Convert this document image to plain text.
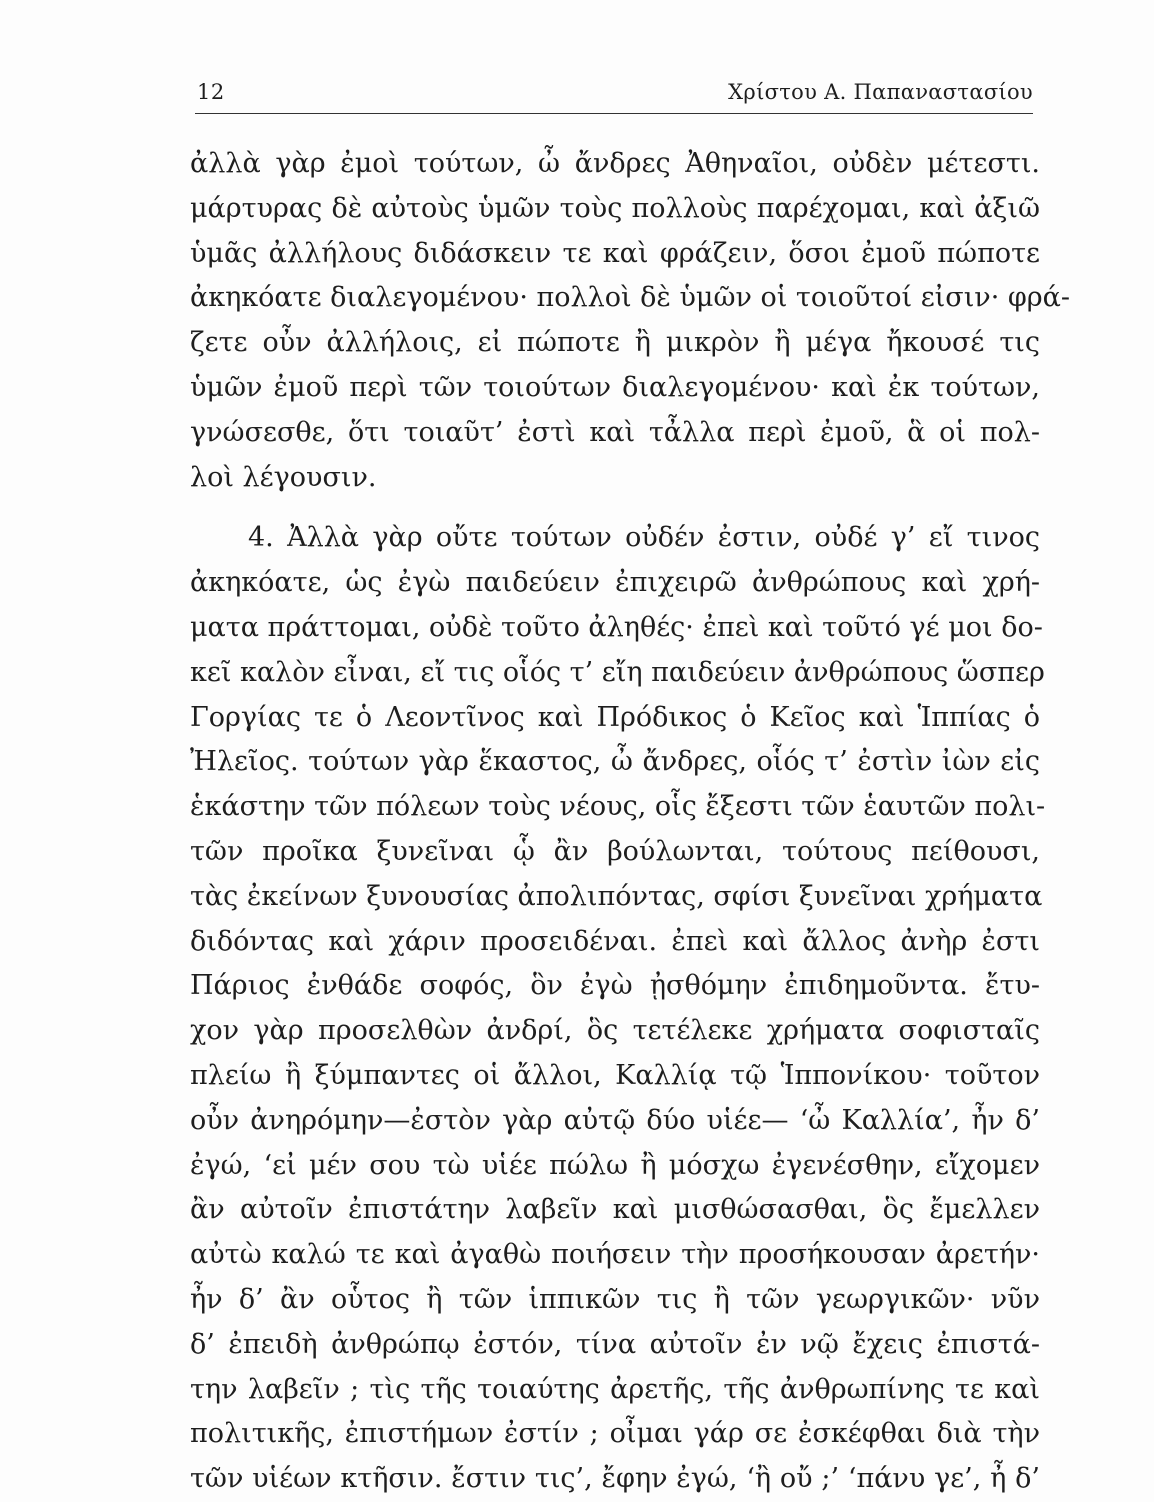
12	Χρίστου Α. Παπαναστασίου
ἀλλὰ γὰρ ἐμοὶ τούτων, ὦ ἄνδρες Ἀθηναῖοι, οὐδὲν μέτεστι.
μάρτυρας δὲ αὐτοὺς ὑμῶν τοὺς πολλοὺς παρέχομαι, καὶ ἀξιῶ
ὑμᾶς ἀλλήλους διδάσκειν τε καὶ φράζειν, ὅσοι ἐμοῦ πώποτε
ἀκηκόατε διαλεγομένου· πολλοὶ δὲ ὑμῶν οἱ τοιοῦτοί εἰσιν· φρά-
ζετε οὖν ἀλλήλοις, εἰ πώποτε ἢ μικρὸν ἢ μέγα ἤκουσέ τις
ὑμῶν ἐμοῦ περὶ τῶν τοιούτων διαλεγομένου· καὶ ἐκ τούτων,
γνώσεσθε, ὅτι τοιαῦτ’ ἐστὶ καὶ τἆλλα περὶ ἐμοῦ, ἃ οἱ πολ-
λοὶ λέγουσιν.
4. Ἀλλὰ γὰρ οὔτε τούτων οὐδέν ἐστιν, οὐδέ γ’ εἴ τινος
ἀκηκόατε, ὡς ἐγὼ παιδεύειν ἐπιχειρῶ ἀνθρώπους καὶ χρή-
ματα πράττομαι, οὐδὲ τοῦτο ἀληθές· ἐπεὶ καὶ τοῦτό γέ μοι δο-
κεῖ καλὸν εἶναι, εἴ τις οἷός τ’ εἴη παιδεύειν ἀνθρώπους ὥσπερ
Γοργίας τε ὁ Λεοντῖνος καὶ Πρόδικος ὁ Κεῖος καὶ Ἱππίας ὁ
Ἠλεῖος. τούτων γὰρ ἕκαστος, ὦ ἄνδρες, οἷός τ’ ἐστὶν ἰὼν εἰς
ἑκάστην τῶν πόλεων τοὺς νέους, οἷς ἔξεστι τῶν ἑαυτῶν πολι-
τῶν προῖκα ξυνεῖναι ᾧ ἂν βούλωνται, τούτους πείθουσι,
τὰς ἐκείνων ξυνουσίας ἀπολιπόντας, σφίσι ξυνεῖναι χρήματα
διδόντας καὶ χάριν προσειδέναι. ἐπεὶ καὶ ἄλλος ἀνὴρ ἐστι
Πάριος ἐνθάδε σοφός, ὃν ἐγὼ ᾐσθόμην ἐπιδημοῦντα. ἔτυ-
χον γὰρ προσελθὼν ἀνδρί, ὃς τετέλεκε χρήματα σοφισταῖς
πλείω ἢ ξύμπαντες οἱ ἄλλοι, Καλλίᾳ τῷ Ἱππονίκου· τοῦτον
οὖν ἀνηρόμην—ἐστὸν γὰρ αὐτῷ δύο υἱέε— ‘ὦ Καλλία’, ἦν δ’
ἐγώ, ‘εἰ μέν σου τὼ υἱέε πώλω ἢ μόσχω ἐγενέσθην, εἴχομεν
ἂν αὐτοῖν ἐπιστάτην λαβεῖν καὶ μισθώσασθαι, ὃς ἔμελλεν
αὐτὼ καλώ τε καὶ ἀγαθὼ ποιήσειν τὴν προσήκουσαν ἀρετήν·
ἦν δ’ ἂν οὗτος ἢ τῶν ἱππικῶν τις ἢ τῶν γεωργικῶν· νῦν
δ’ ἐπειδὴ ἀνθρώπῳ ἐστόν, τίνα αὐτοῖν ἐν νῷ ἔχεις ἐπιστά-
την λαβεῖν ; τὶς τῆς τοιαύτης ἀρετῆς, τῆς ἀνθρωπίνης τε καὶ
πολιτικῆς, ἐπιστήμων ἐστίν ; οἶμαι γάρ σε ἐσκέφθαι διὰ τὴν
τῶν υἱέων κτῆσιν. ἔστιν τις’, ἔφην ἐγώ, ‘ἢ οὔ ;’ ‘πάνυ γε’, ἦ δ’
